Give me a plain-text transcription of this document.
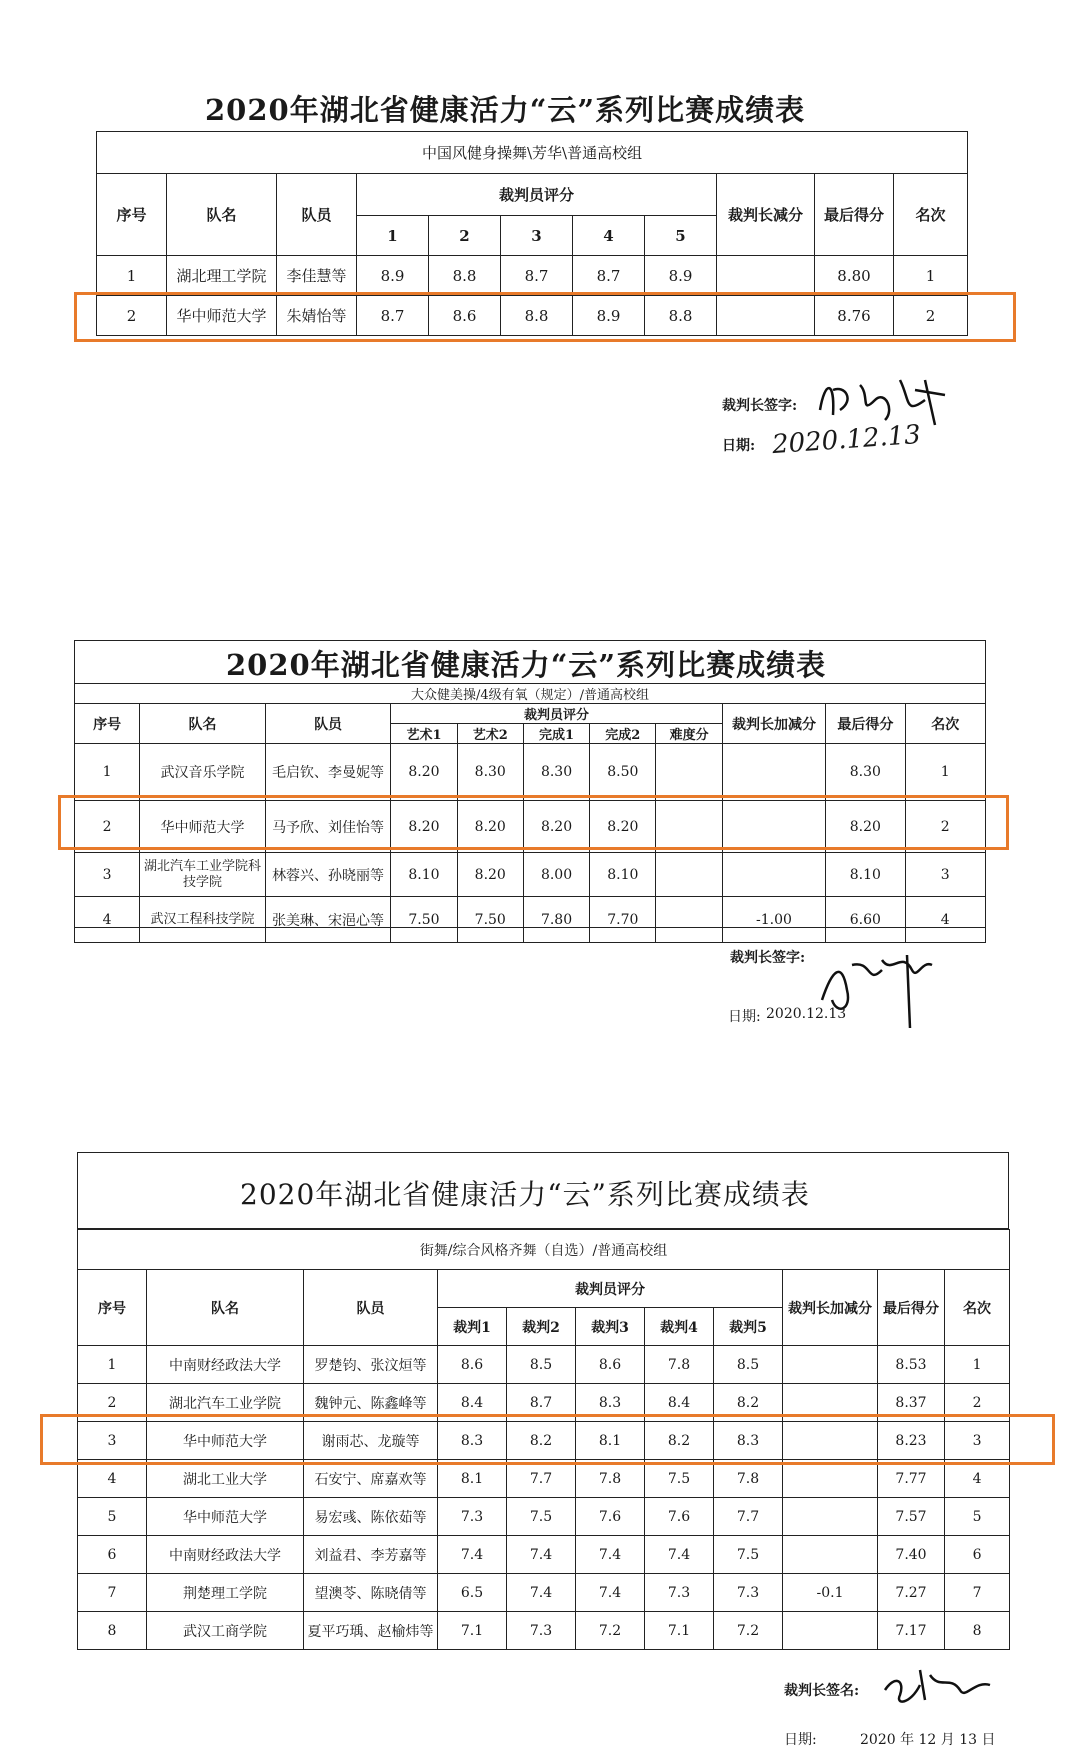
2020年湖北省健康活力“云”系列比赛成绩表
中国风健身操舞\芳华\普通高校组										
序号	队名	队员	裁判员评分					裁判长减分	最后得分	名次
			1	2	3	4	5			
1	湖北理工学院	李佳慧等	8.9	8.8	8.7	8.7	8.9		8.80	1
2	华中师范大学	朱婧怡等	8.7	8.6	8.8	8.9	8.8		8.76	2
裁判长签字:
日期: 2020.12.13
2020年湖北省健康活力“云”系列比赛成绩表
大众健美操/4级有氧（规定）/普通高校组										
序号	队名	队员	裁判员评分					裁判长加减分	最后得分	名次
			艺术1	艺术2	完成1	完成2	难度分			
1	武汉音乐学院	毛启钦、李曼妮等	8.20	8.30	8.30	8.50			8.30	1
2	华中师范大学	马予欣、刘佳怡等	8.20	8.20	8.20	8.20			8.20	2
3	湖北汽车工业学院科技学院	林蓉兴、孙晓丽等	8.10	8.20	8.00	8.10			8.10	3
4	武汉工程科技学院	张美琳、宋浥心等	7.50	7.50	7.80	7.70		-1.00	6.60	4
裁判长签字:
日期: 2020.12.13
2020年湖北省健康活力“云”系列比赛成绩表
街舞/综合风格齐舞（自选）/普通高校组										
序号	队名	队员	裁判员评分					裁判长加减分	最后得分	名次
			裁判1	裁判2	裁判3	裁判4	裁判5			
1	中南财经政法大学	罗楚钧、张汶烜等	8.6	8.5	8.6	7.8	8.5		8.53	1
2	湖北汽车工业学院	魏钟元、陈鑫峰等	8.4	8.7	8.3	8.4	8.2		8.37	2
3	华中师范大学	谢雨芯、龙璇等	8.3	8.2	8.1	8.2	8.3		8.23	3
4	湖北工业大学	石安宁、席嘉欢等	8.1	7.7	7.8	7.5	7.8		7.77	4
5	华中师范大学	易宏彧、陈依茹等	7.3	7.5	7.6	7.6	7.7		7.57	5
6	中南财经政法大学	刘益君、李芳嘉等	7.4	7.4	7.4	7.4	7.5		7.40	6
7	荆楚理工学院	望澳苓、陈晓倩等	6.5	7.4	7.4	7.3	7.3	-0.1	7.27	7
8	武汉工商学院	夏平巧瑀、赵榆炜等	7.1	7.3	7.2	7.1	7.2		7.17	8
裁判长签名:
日期:	2020 年 12 月 13 日
